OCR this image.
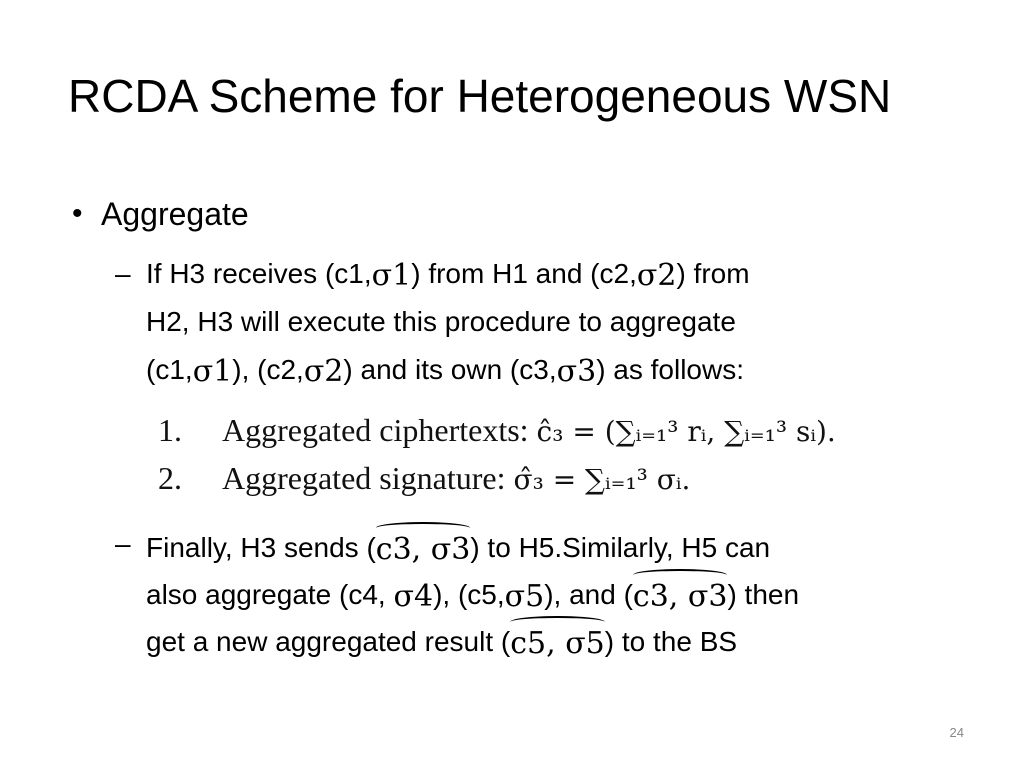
RCDA Scheme for Heterogeneous WSN
• Aggregate
– If H3 receives (c1,σ1) from H1 and (c2,σ2) from
H2, H3 will execute this procedure to aggregate
(c1,σ1), (c2,σ2) and its own (c3,σ3) as follows:
1. Aggregated ciphertexts: ĉ₃ = (∑ᵢ₌₁³ rᵢ, ∑ᵢ₌₁³ sᵢ).
2. Aggregated signature: σ̂₃ = ∑ᵢ₌₁³ σᵢ.
– Finally, H3 sends (
c3, σ3) to H5.Similarly, H5 can
also aggregate (c4, σ4), (c5,σ5), and (
c3, σ3) then
get a new aggregated result (
c5, σ5) to the BS
24
